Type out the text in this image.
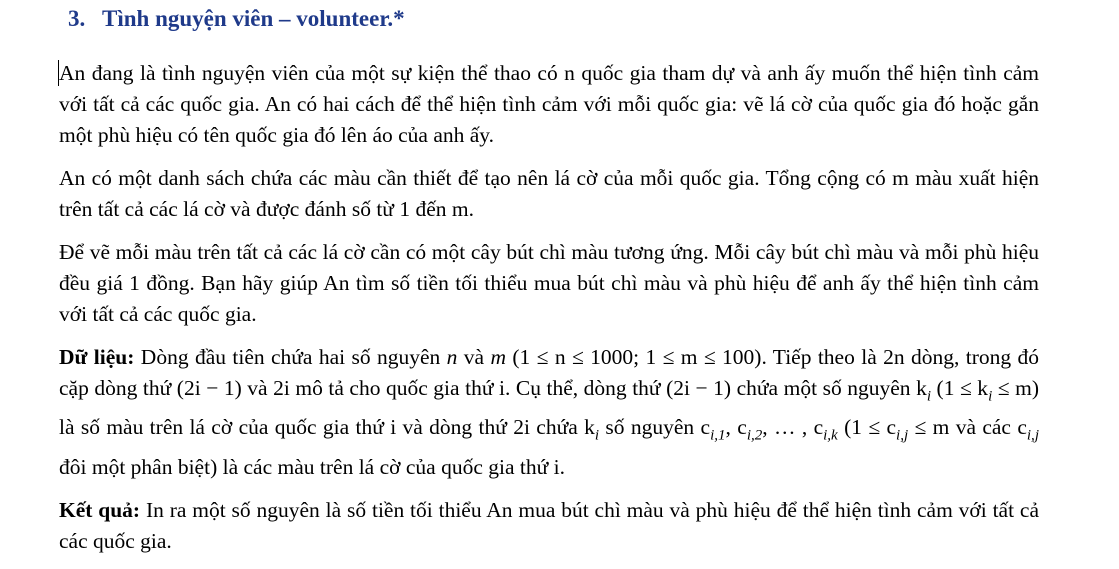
3. Tình nguyện viên – volunteer.*

An đang là tình nguyện viên của một sự kiện thể thao có n quốc gia tham dự và anh ấy muốn thể hiện tình cảm với tất cả các quốc gia. An có hai cách để thể hiện tình cảm với mỗi quốc gia: vẽ lá cờ của quốc gia đó hoặc gắn một phù hiệu có tên quốc gia đó lên áo của anh ấy.

An có một danh sách chứa các màu cần thiết để tạo nên lá cờ của mỗi quốc gia. Tổng cộng có m màu xuất hiện trên tất cả các lá cờ và được đánh số từ 1 đến m.

Để vẽ mỗi màu trên tất cả các lá cờ cần có một cây bút chì màu tương ứng. Mỗi cây bút chì màu và mỗi phù hiệu đều giá 1 đồng. Bạn hãy giúp An tìm số tiền tối thiểu mua bút chì màu và phù hiệu để anh ấy thể hiện tình cảm với tất cả các quốc gia.

Dữ liệu: Dòng đầu tiên chứa hai số nguyên n và m (1 ≤ n ≤ 1000; 1 ≤ m ≤ 100). Tiếp theo là 2n dòng, trong đó cặp dòng thứ (2i − 1) và 2i mô tả cho quốc gia thứ i. Cụ thể, dòng thứ (2i − 1) chứa một số nguyên $k_i$ $(1 \le k_i \le m)$ là số màu trên lá cờ của quốc gia thứ i và dòng thứ 2i chứa $k_i$ số nguyên $c_{i,1}$, $c_{i,2}$, … , $c_{i,k}$ ($1 \le c_{i,j} \le m$ và các $c_{i,j}$ đôi một phân biệt) là các màu trên lá cờ của quốc gia thứ i.

Kết quả: In ra một số nguyên là số tiền tối thiểu An mua bút chì màu và phù hiệu để thể hiện tình cảm với tất cả các quốc gia.
